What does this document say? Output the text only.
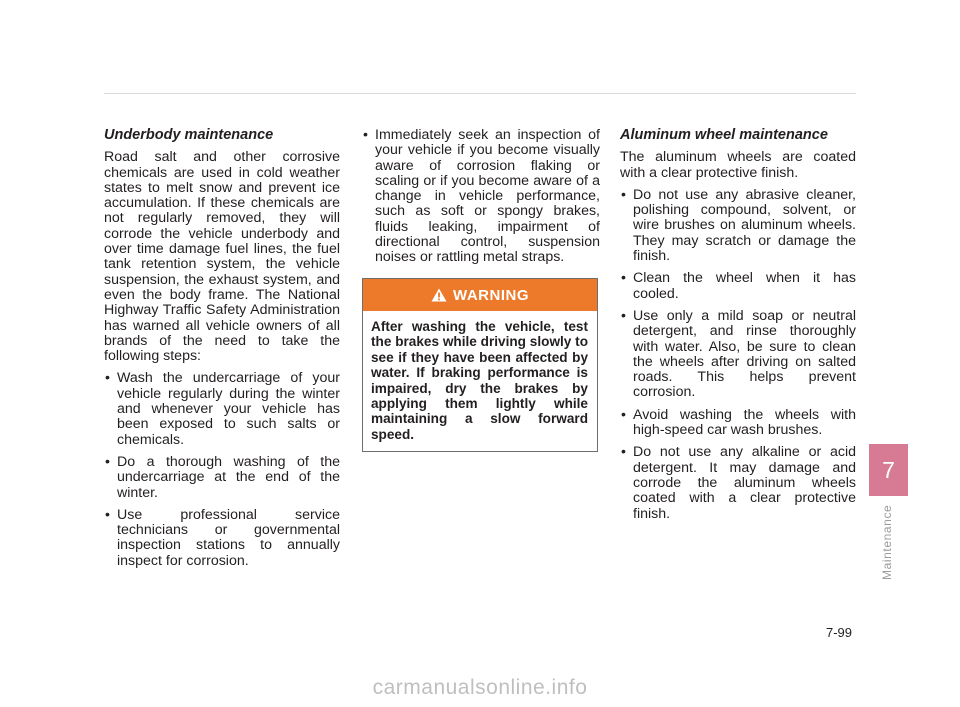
Underbody maintenance

Road salt and other corrosive chemicals are used in cold weather states to melt snow and prevent ice accumulation. If these chemicals are not regularly removed, they will corrode the vehicle underbody and over time damage fuel lines, the fuel tank retention system, the vehicle suspension, the exhaust system, and even the body frame. The National Highway Traffic Safety Administration has warned all vehicle owners of all brands of the need to take the following steps:

• Wash the undercarriage of your vehicle regularly during the winter and whenever your vehicle has been exposed to such salts or chemicals.
• Do a thorough washing of the undercarriage at the end of the winter.
• Use professional service technicians or governmental inspection stations to annually inspect for corrosion.
• Immediately seek an inspection of your vehicle if you become visually aware of corrosion flaking or scaling or if you become aware of a change in vehicle performance, such as soft or spongy brakes, fluids leaking, impairment of directional control, suspension noises or rattling metal straps.
WARNING
After washing the vehicle, test the brakes while driving slowly to see if they have been affected by water. If braking performance is impaired, dry the brakes by applying them lightly while maintaining a slow forward speed.
Aluminum wheel maintenance

The aluminum wheels are coated with a clear protective finish.

• Do not use any abrasive cleaner, polishing compound, solvent, or wire brushes on aluminum wheels. They may scratch or damage the finish.
• Clean the wheel when it has cooled.
• Use only a mild soap or neutral detergent, and rinse thoroughly with water. Also, be sure to clean the wheels after driving on salted roads. This helps prevent corrosion.
• Avoid washing the wheels with high-speed car wash brushes.
• Do not use any alkaline or acid detergent. It may damage and corrode the aluminum wheels coated with a clear protective finish.
7
Maintenance
7-99
carmanualsonline.info
